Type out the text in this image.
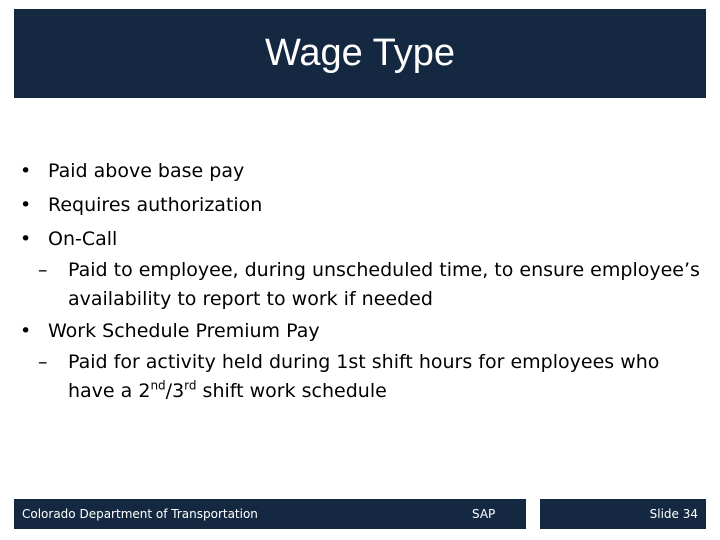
Wage Type
• Paid above base pay
• Requires authorization
• On-Call
– Paid to employee, during unscheduled time, to ensure employee’s availability to report to work if needed
• Work Schedule Premium Pay
– Paid for activity held during 1st shift hours for employees who have a 2nd/3rd shift work schedule
Colorado Department of Transportation	SAP	Slide 34
